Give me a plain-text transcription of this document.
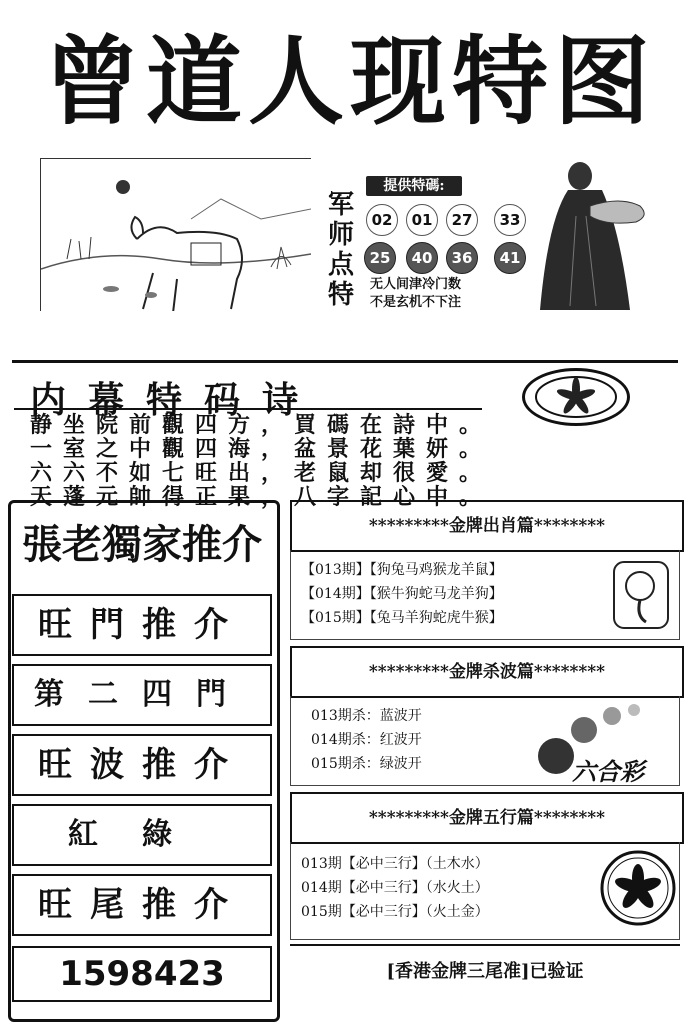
曾道人现特图
军
师
点
特
提供特碼:
02	01	27	33
25	40	36	41
无人间津冷门数
不是玄机不下注
内幕特码诗
静坐院前觀四方，買碼在詩中。
一室之中觀四海，盆景花葉妍。
六六不如七旺出，老鼠却很愛。
天蓬元帥得正果，八字記心中。
張老獨家推介
旺門推介
第二四門
旺波推介
紅綠
旺尾推介
1598423
*********金牌出肖篇********
【013期】【狗兔马鸡猴龙羊鼠】
【014期】【猴牛狗蛇马龙羊狗】
【015期】【兔马羊狗蛇虎牛猴】
*********金牌杀波篇********
013期杀：蓝波开
014期杀：红波开
015期杀：绿波开	六合彩
*********金牌五行篇********
013期【必中三行】（土木水）
014期【必中三行】（水火土）
015期【必中三行】（火土金）
[香港金牌三尾准]已验证
